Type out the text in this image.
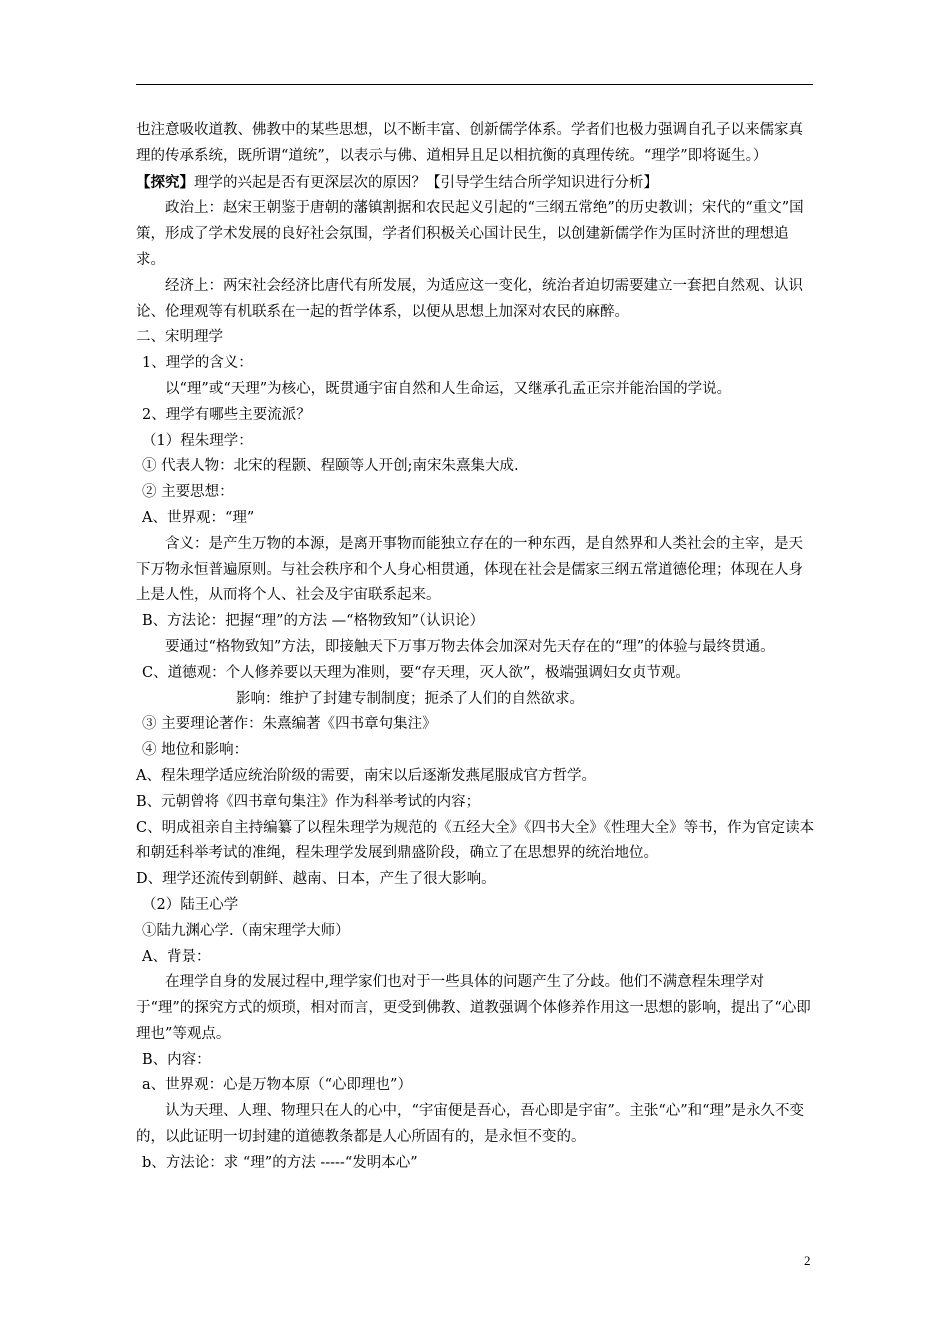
也注意吸收道教、佛教中的某些思想，以不断丰富、创新儒学体系。学者们也极力强调自孔子以来儒家真理的传承系统，既所谓“道统”，以表示与佛、道相异且足以相抗衡的真理传统。“理学”即将诞生。）

【探究】理学的兴起是否有更深层次的原因？【引导学生结合所学知识进行分析】

政治上：赵宋王朝鉴于唐朝的藩镇割据和农民起义引起的“三纲五常绝”的历史教训；宋代的“重文”国策，形成了学术发展的良好社会氛围，学者们积极关心国计民生，以创建新儒学作为匡时济世的理想追求。

经济上：两宋社会经济比唐代有所发展，为适应这一变化，统治者迫切需要建立一套把自然观、认识论、伦理观等有机联系在一起的哲学体系，以便从思想上加深对农民的麻醉。

二、宋明理学

1、理学的含义：

以“理”或“天理”为核心，既贯通宇宙自然和人生命运，又继承孔孟正宗并能治国的学说。

2、理学有哪些主要流派？

（1）程朱理学：

① 代表人物：北宋的程颢、程颐等人开创;南宋朱熹集大成.

② 主要思想：

A、世界观：“理”

含义：是产生万物的本源，是离开事物而能独立存在的一种东西，是自然界和人类社会的主宰，是天下万物永恒普遍原则。与社会秩序和个人身心相贯通，体现在社会是儒家三纲五常道德伦理；体现在人身上是人性，从而将个人、社会及宇宙联系起来。

B、方法论：把握“理”的方法 —“格物致知”（认识论）

要通过“格物致知”方法，即接触天下万事万物去体会加深对先天存在的“理”的体验与最终贯通。

C、道德观：个人修养要以天理为准则，要“存天理，灭人欲”，极端强调妇女贞节观。

影响：维护了封建专制制度；扼杀了人们的自然欲求。

③ 主要理论著作：朱熹编著《四书章句集注》

④ 地位和影响：

A、程朱理学适应统治阶级的需要，南宋以后逐渐发燕尾服成官方哲学。

B、元朝曾将《四书章句集注》作为科举考试的内容；

C、明成祖亲自主持编纂了以程朱理学为规范的《五经大全》《四书大全》《性理大全》等书，作为官定读本和朝廷科举考试的准绳，程朱理学发展到鼎盛阶段，确立了在思想界的统治地位。

D、理学还流传到朝鲜、越南、日本，产生了很大影响。

（2）陆王心学

①陆九渊心学.（南宋理学大师）

A、背景：

在理学自身的发展过程中,理学家们也对于一些具体的问题产生了分歧。他们不满意程朱理学对于“理”的探究方式的烦琐，相对而言，更受到佛教、道教强调个体修养作用这一思想的影响，提出了“心即理也”等观点。

B、内容：

a、世界观：心是万物本原（“心即理也”）

认为天理、人理、物理只在人的心中，“宇宙便是吾心，吾心即是宇宙”。主张“心”和“理”是永久不变的，以此证明一切封建的道德教条都是人心所固有的，是永恒不变的。

b、方法论：求 “理”的方法 -----“发明本心”

2
